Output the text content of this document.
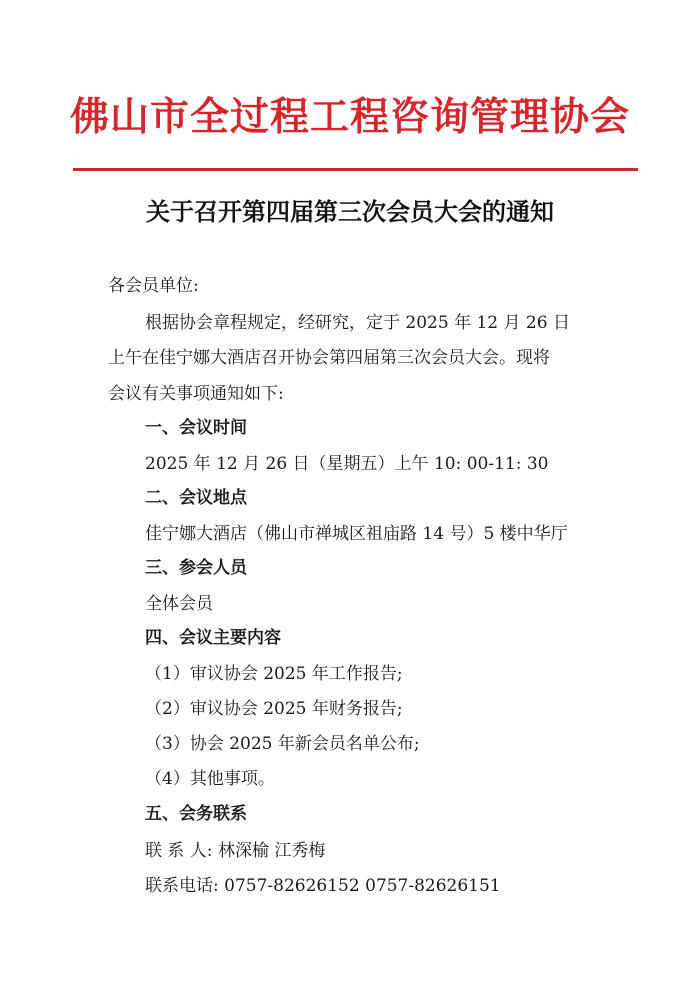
佛山市全过程工程咨询管理协会
关于召开第四届第三次会员大会的通知
各会员单位:
根据协会章程规定，经研究，定于 2025 年 12 月 26 日
上午在佳宁娜大酒店召开协会第四届第三次会员大会。现将
会议有关事项通知如下:
一、会议时间
2025 年 12 月 26 日（星期五）上午 10: 00-11: 30
二、会议地点
佳宁娜大酒店（佛山市禅城区祖庙路 14 号）5 楼中华厅
三、参会人员
全体会员
四、会议主要内容
（1）审议协会 2025 年工作报告;
（2）审议协会 2025 年财务报告;
（3）协会 2025 年新会员名单公布;
（4）其他事项。
五、会务联系
联 系 人: 林深榆 江秀梅
联系电话: 0757-82626152 0757-82626151
